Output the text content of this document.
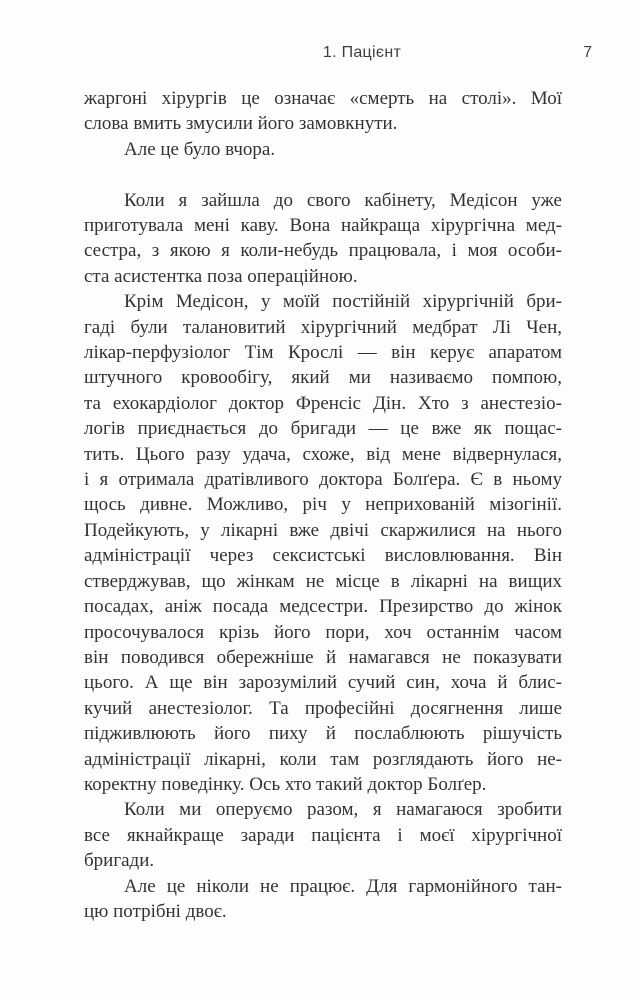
1. Пацієнт	7
жаргоні хірургів це означає «смерть на столі». Мої
слова вмить змусили його замовкнути.
Але це було вчора.
Коли я зайшла до свого кабінету, Медісон уже
приготувала мені каву. Вона найкраща хірургічна мед-
сестра, з якою я коли-небудь працювала, і моя особи-
ста асистентка поза операційною.
Крім Медісон, у моїй постійній хірургічній бри-
гаді були талановитий хірургічний медбрат Лі Чен,
лікар-перфузіолог Тім Крослі — він керує апаратом
штучного кровообігу, який ми називаємо помпою,
та ехокардіолог доктор Френсіс Дін. Хто з анестезіо-
логів приєднається до бригади — це вже як пощас-
тить. Цього разу удача, схоже, від мене відвернулася,
і я отримала дратівливого доктора Болґера. Є в ньому
щось дивне. Можливо, річ у неприхованій мізогінії.
Подейкують, у лікарні вже двічі скаржилися на нього
адміністрації через сексистські висловлювання. Він
стверджував, що жінкам не місце в лікарні на вищих
посадах, аніж посада медсестри. Презирство до жінок
просочувалося крізь його пори, хоч останнім часом
він поводився обережніше й намагався не показувати
цього. А ще він зарозумілий сучий син, хоча й блис-
кучий анестезіолог. Та професійні досягнення лише
підживлюють його пиху й послаблюють рішучість
адміністрації лікарні, коли там розглядають його не-
коректну поведінку. Ось хто такий доктор Болґер.
Коли ми оперуємо разом, я намагаюся зробити
все якнайкраще заради пацієнта і моєї хірургічної
бригади.
Але це ніколи не працює. Для гармонійного тан-
цю потрібні двоє.
